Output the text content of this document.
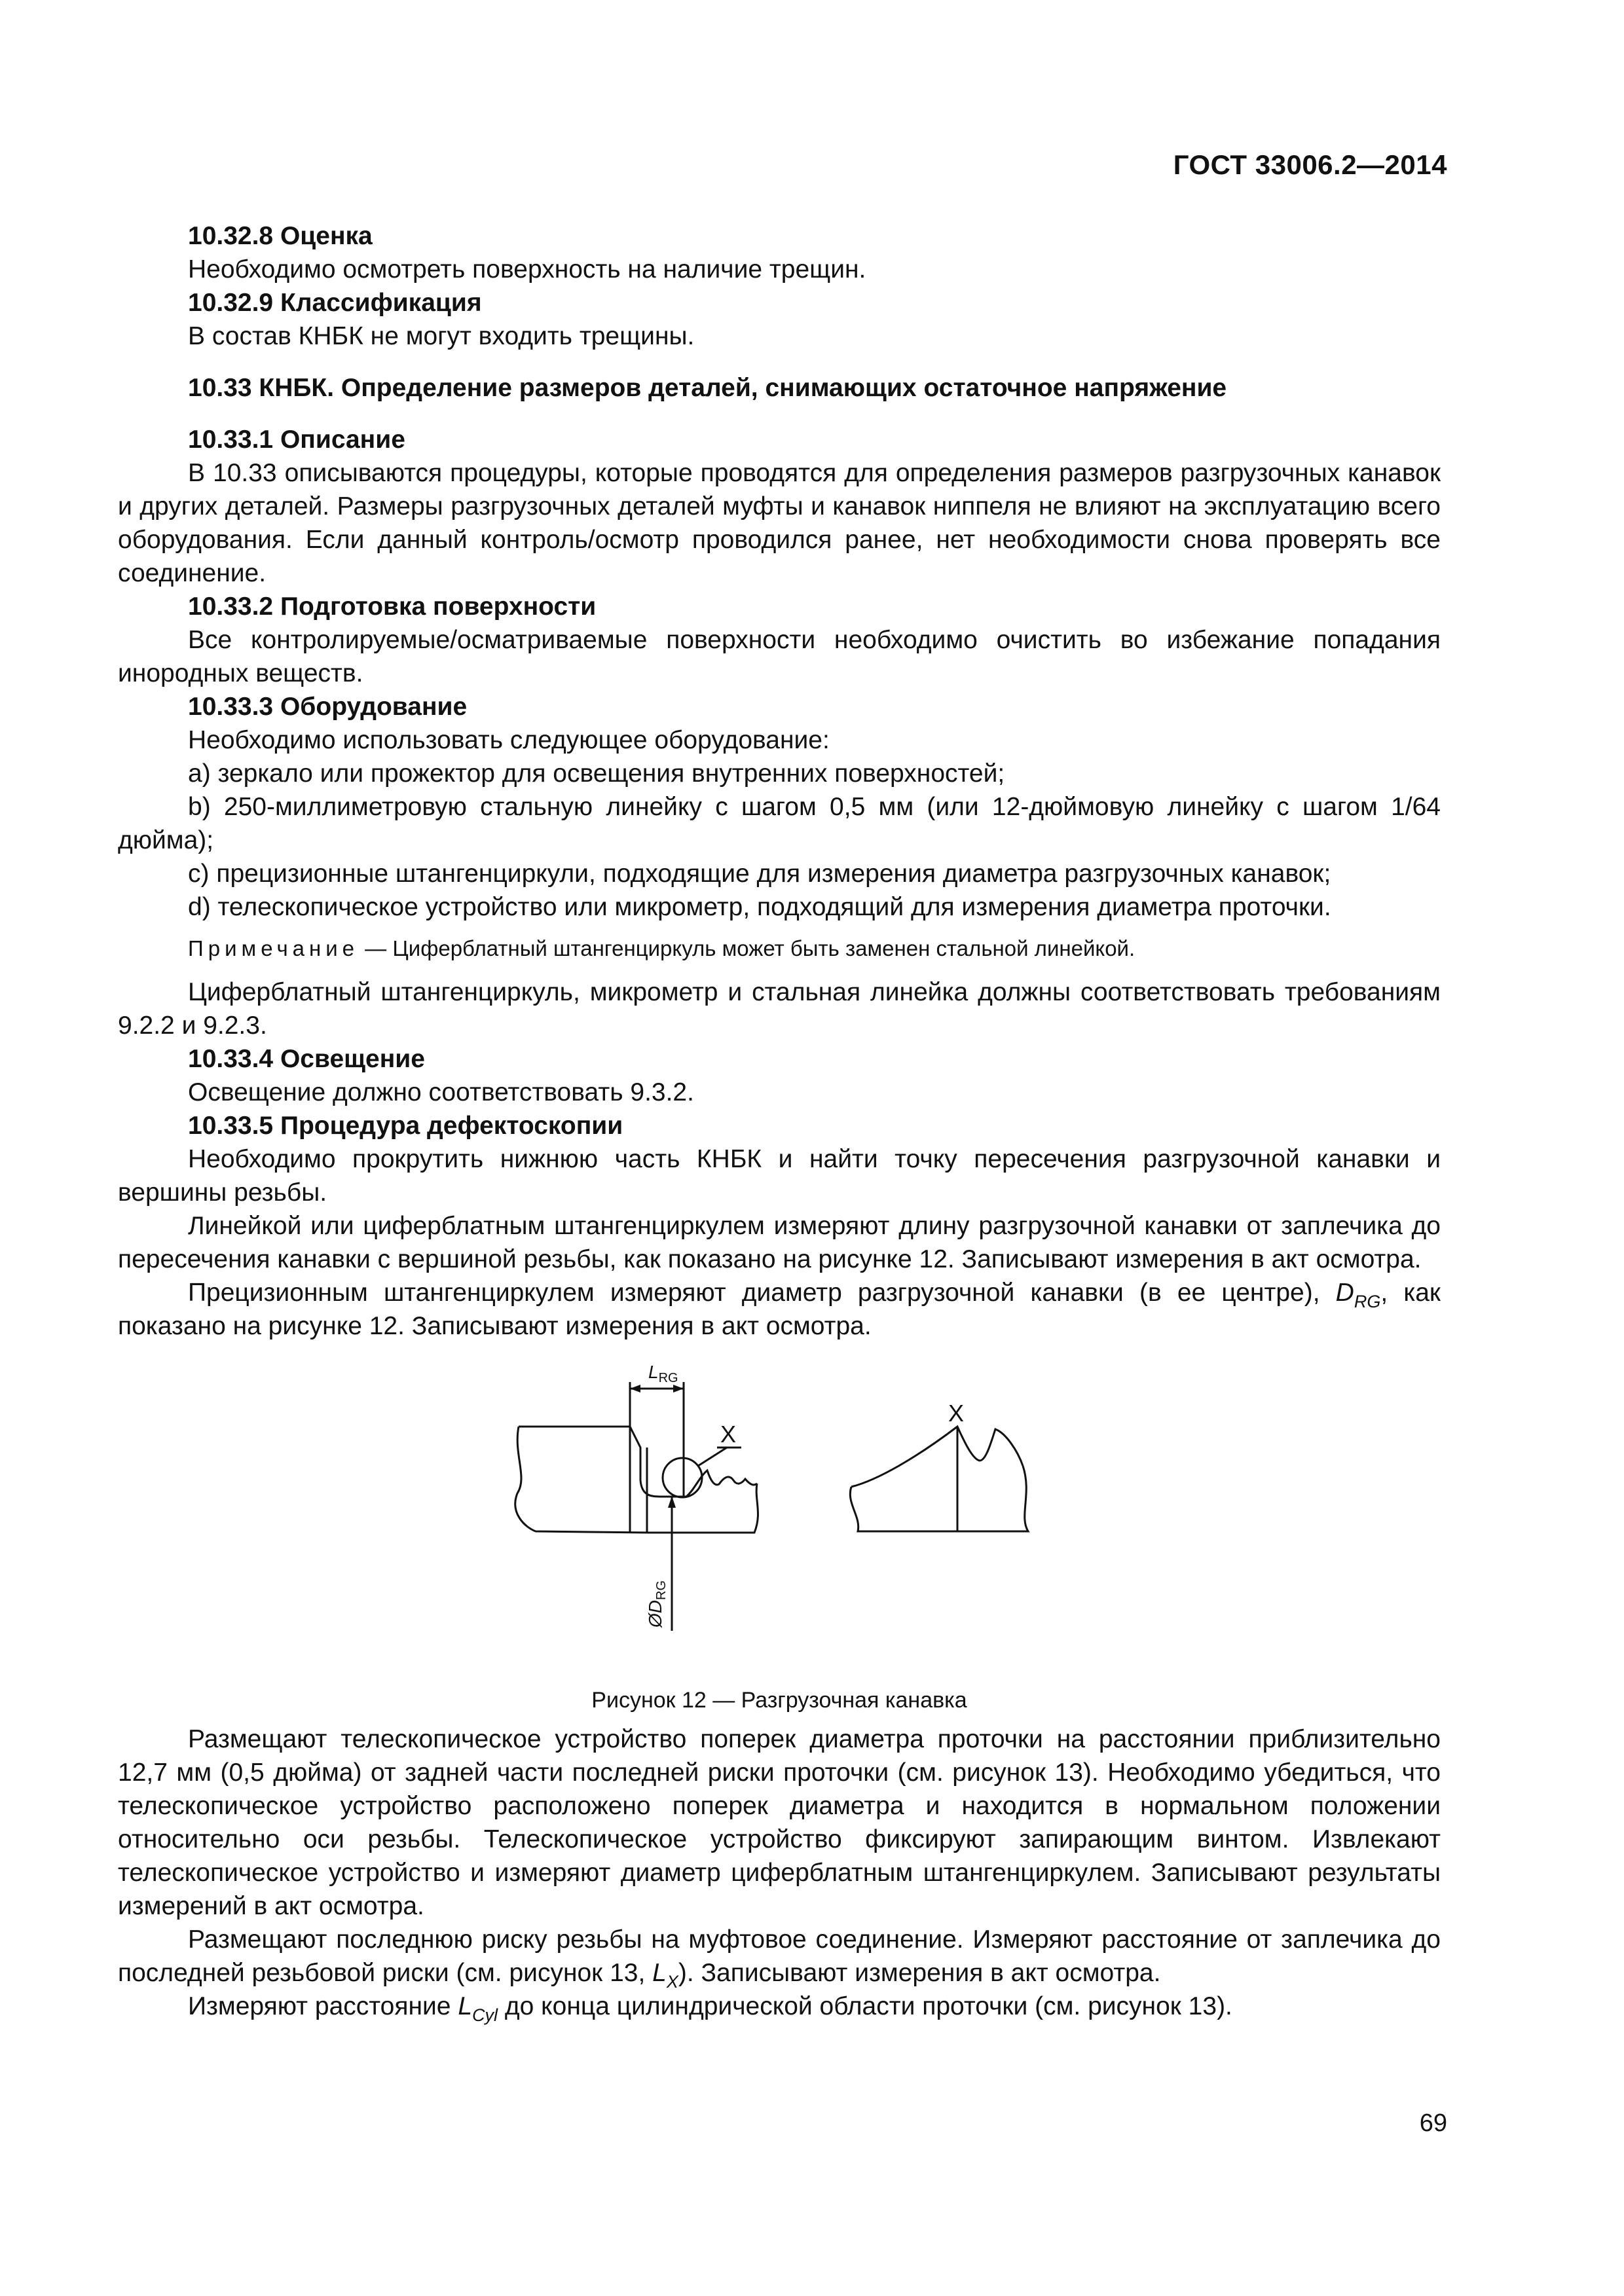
ГОСТ 33006.2—2014

10.32.8 Оценка

Необходимо осмотреть поверхность на наличие трещин.

10.32.9 Классификация

В состав КНБК не могут входить трещины.

10.33 КНБК. Определение размеров деталей, снимающих остаточное напряжение

10.33.1 Описание

В 10.33 описываются процедуры, которые проводятся для определения размеров разгрузочных канавок и других деталей. Размеры разгрузочных деталей муфты и канавок ниппеля не влияют на эксплуатацию всего оборудования. Если данный контроль/осмотр проводился ранее, нет необходимости снова проверять все соединение.

10.33.2 Подготовка поверхности

Все контролируемые/осматриваемые поверхности необходимо очистить во избежание попадания инородных веществ.

10.33.3 Оборудование

Необходимо использовать следующее оборудование:

а) зеркало или прожектор для освещения внутренних поверхностей;

b) 250-миллиметровую стальную линейку с шагом 0,5 мм (или 12-дюймовую линейку с шагом 1/64 дюйма);

c) прецизионные штангенциркули, подходящие для измерения диаметра разгрузочных канавок;

d) телескопическое устройство или микрометр, подходящий для измерения диаметра проточки.

Примечание — Циферблатный штангенциркуль может быть заменен стальной линейкой.

Циферблатный штангенциркуль, микрометр и стальная линейка должны соответствовать требованиям 9.2.2 и 9.2.3.

10.33.4 Освещение

Освещение должно соответствовать 9.3.2.

10.33.5 Процедура дефектоскопии

Необходимо прокрутить нижнюю часть КНБК и найти точку пересечения разгрузочной канавки и вершины резьбы.

Линейкой или циферблатным штангенциркулем измеряют длину разгрузочной канавки от заплечика до пересечения канавки с вершиной резьбы, как показано на рисунке 12. Записывают измерения в акт осмотра.

Прецизионным штангенциркулем измеряют диаметр разгрузочной канавки (в ее центре), $D_{RG}$, как показано на рисунке 12. Записывают измерения в акт осмотра.

$L_{RG}$
X
X
$ØD_{RG}$
Рисунок 12 — Разгрузочная канавка

Размещают телескопическое устройство поперек диаметра проточки на расстоянии приблизительно 12,7 мм (0,5 дюйма) от задней части последней риски проточки (см. рисунок 13). Необходимо убедиться, что телескопическое устройство расположено поперек диаметра и находится в нормальном положении относительно оси резьбы. Телескопическое устройство фиксируют запирающим винтом. Извлекают телескопическое устройство и измеряют диаметр циферблатным штангенциркулем. Записывают результаты измерений в акт осмотра.

Размещают последнюю риску резьбы на муфтовое соединение. Измеряют расстояние от заплечика до последней резьбовой риски (см. рисунок 13, $L_X$). Записывают измерения в акт осмотра.

Измеряют расстояние $L_{Cyl}$ до конца цилиндрической области проточки (см. рисунок 13).

69
